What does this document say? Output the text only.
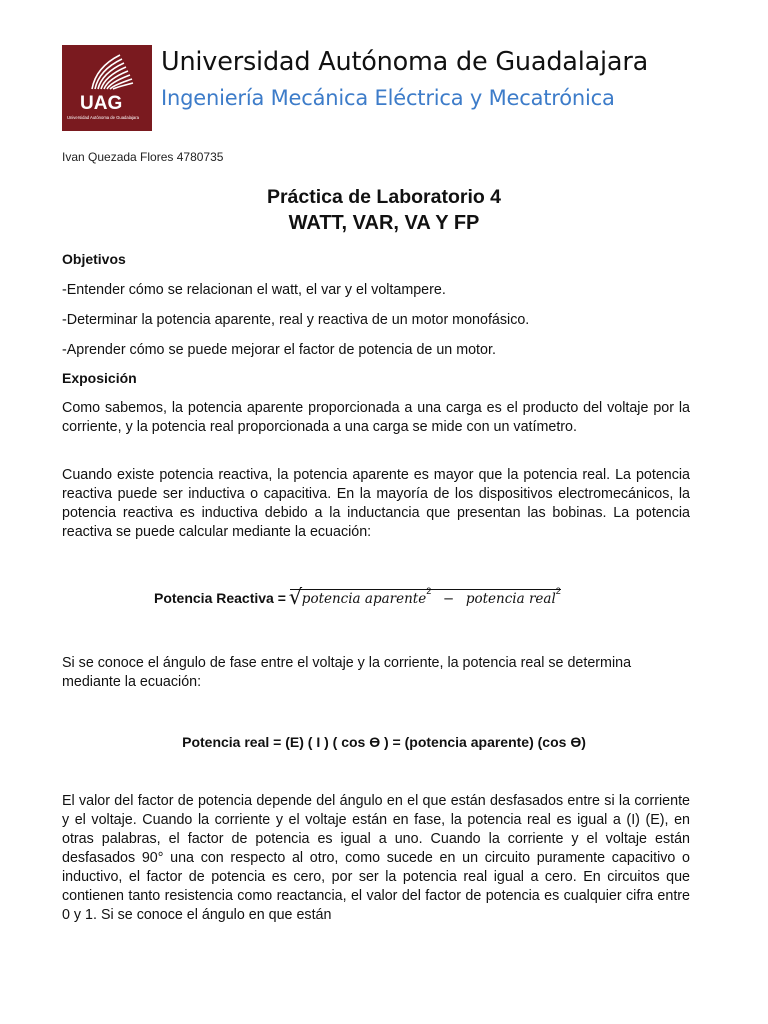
UAG
Universidad Autónoma de Guadalajara
Universidad Autónoma de Guadalajara
Ingeniería Mecánica Eléctrica y Mecatrónica
Ivan Quezada Flores 4780735
Práctica de Laboratorio 4
WATT, VAR, VA Y FP
Objetivos
-Entender cómo se relacionan el watt, el var y el voltampere.
-Determinar la potencia aparente, real y reactiva de un motor monofásico.
-Aprender cómo se puede mejorar el factor de potencia de un motor.
Exposición
Como sabemos, la potencia aparente proporcionada a una carga es el producto del voltaje por la corriente, y la potencia real proporcionada a una carga se mide con un vatímetro.
Cuando existe potencia reactiva, la potencia aparente es mayor que la potencia real. La potencia reactiva puede ser inductiva o capacitiva. En la mayoría de los dispositivos electromecánicos, la potencia reactiva es inductiva debido a la inductancia que presentan las bobinas. La potencia reactiva se puede calcular mediante la ecuación:
Potencia Reactiva = √ potencia aparente$^2$ − potencia real$^2$
Si se conoce el ángulo de fase entre el voltaje y la corriente, la potencia real se determina mediante la ecuación:
Potencia real = (E) ( I ) ( cos Ө ) = (potencia aparente) (cos Ө)
El valor del factor de potencia depende del ángulo en el que están desfasados entre si la corriente y el voltaje. Cuando la corriente y el voltaje están en fase, la potencia real es igual a (I) (E), en otras palabras, el factor de potencia es igual a uno. Cuando la corriente y el voltaje están desfasados 90° una con respecto al otro, como sucede en un circuito puramente capacitivo o inductivo, el factor de potencia es cero, por ser la potencia real igual a cero. En circuitos que contienen tanto resistencia como reactancia, el valor del factor de potencia es cualquier cifra entre 0 y 1. Si se conoce el ángulo en que están
